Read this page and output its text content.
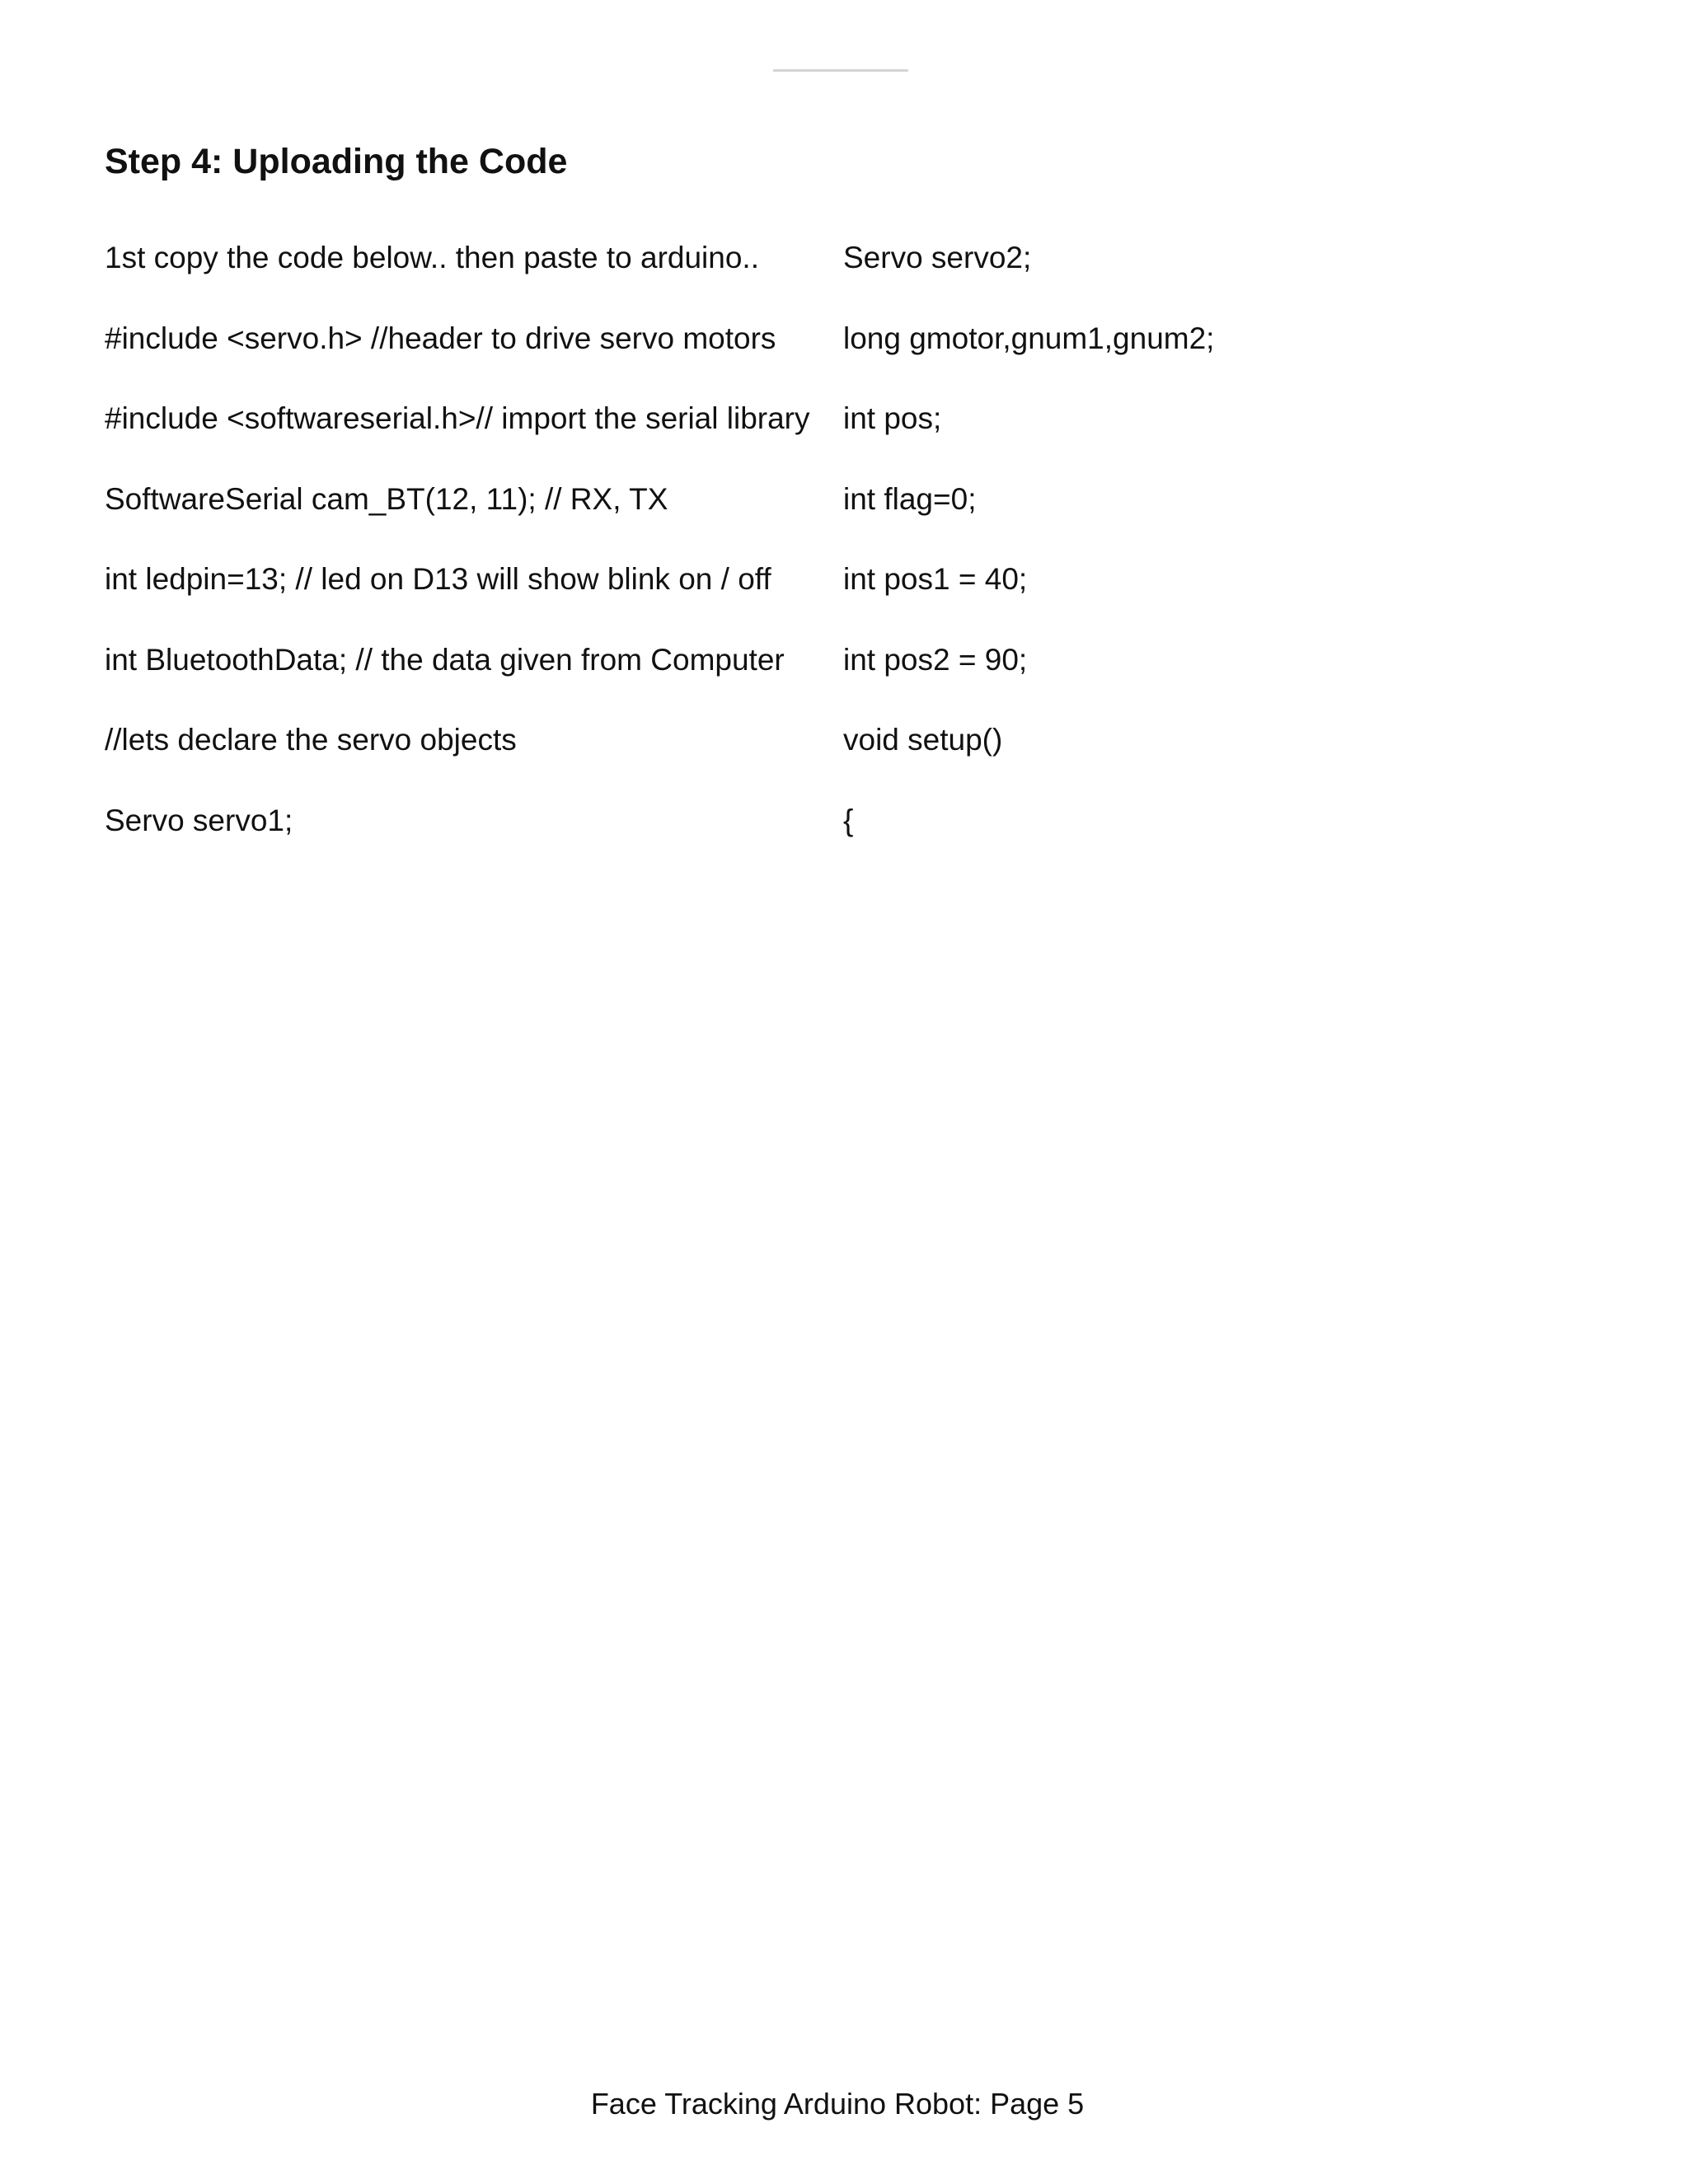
Step 4: Uploading the Code
1st copy the code below.. then paste to arduino..
#include <servo.h> //header to drive servo motors
#include <softwareserial.h>// import the serial library
SoftwareSerial cam_BT(12, 11); // RX, TX
int ledpin=13; // led on D13 will show blink on / off
int BluetoothData; // the data given from Computer
//lets declare the servo objects
Servo servo1;
Servo servo2;
long gmotor,gnum1,gnum2;
int pos;
int flag=0;
int pos1 = 40;
int pos2 = 90;
void setup()
{
Face Tracking Arduino Robot: Page 5
